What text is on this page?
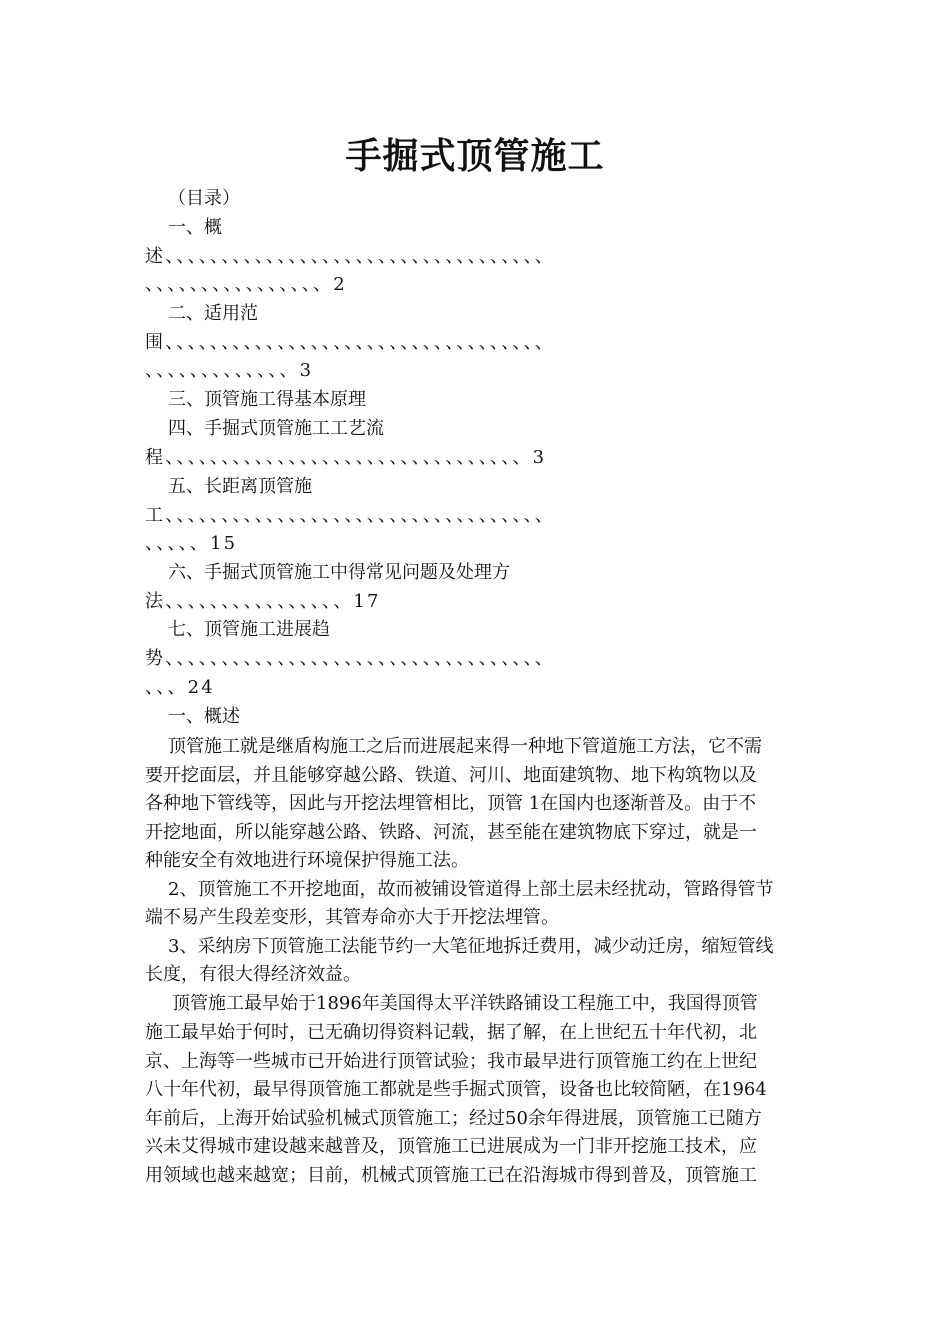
手掘式顶管施工
（目录）
一、概
述、、、、、、、、、、、、、、、、、、、、、、、、、、、、、、、、、、
、、、、、、、、、、、、、、、、2
二、适用范
围、、、、、、、、、、、、、、、、、、、、、、、、、、、、、、、、、、
、、、、、、、、、、、、、3
三、顶管施工得基本原理
四、手掘式顶管施工工艺流
程、、、、、、、、、、、、、、、、、、、、、、、、、、、、、、、、3
五、长距离顶管施
工、、、、、、、、、、、、、、、、、、、、、、、、、、、、、、、、、、
、、、、、15
六、手掘式顶管施工中得常见问题及处理方
法、、、、、、、、、、、、、、、、17
七、顶管施工进展趋
势、、、、、、、、、、、、、、、、、、、、、、、、、、、、、、、、、、
、、、24
一、概述
顶管施工就是继盾构施工之后而进展起来得一种地下管道施工方法，它不需
要开挖面层，并且能够穿越公路、铁道、河川、地面建筑物、地下构筑物以及
各种地下管线等，因此与开挖法埋管相比，顶管 1在国内也逐渐普及。由于不
开挖地面，所以能穿越公路、铁路、河流，甚至能在建筑物底下穿过，就是一
种能安全有效地进行环境保护得施工法。
2、顶管施工不开挖地面，故而被铺设管道得上部土层未经扰动，管路得管节
端不易产生段差变形，其管寿命亦大于开挖法埋管。
3、采纳房下顶管施工法能节约一大笔征地拆迁费用，减少动迁房，缩短管线
长度，有很大得经济效益。
顶管施工最早始于1896年美国得太平洋铁路铺设工程施工中，我国得顶管
施工最早始于何时，已无确切得资料记载，据了解，在上世纪五十年代初，北
京、上海等一些城市已开始进行顶管试验；我市最早进行顶管施工约在上世纪
八十年代初，最早得顶管施工都就是些手掘式顶管，设备也比较简陋，在1964
年前后，上海开始试验机械式顶管施工；经过50余年得进展，顶管施工已随方
兴未艾得城市建设越来越普及，顶管施工已进展成为一门非开挖施工技术，应
用领域也越来越宽；目前，机械式顶管施工已在沿海城市得到普及，顶管施工
